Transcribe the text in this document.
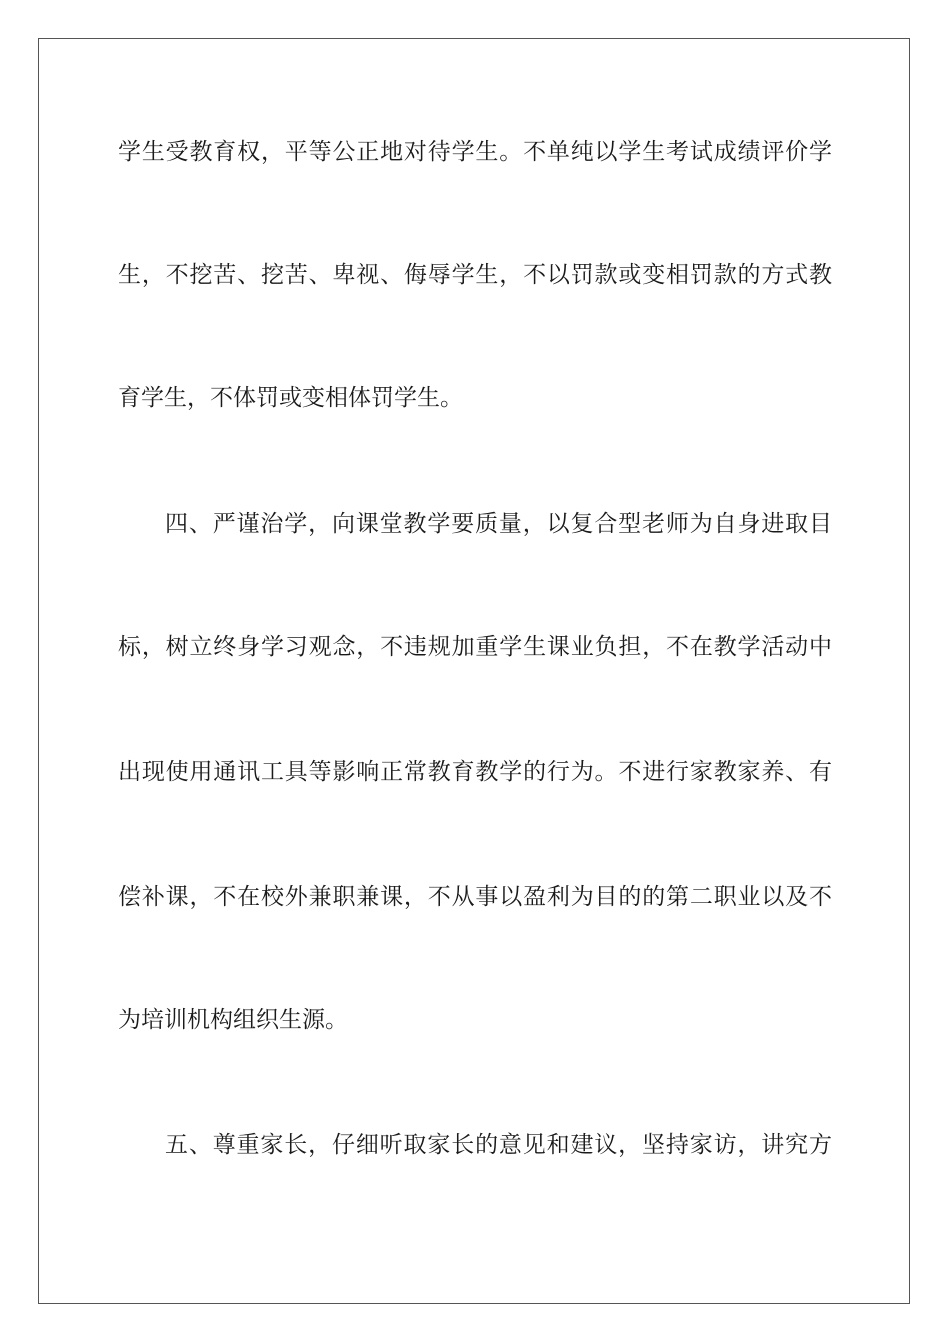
学生受教育权，平等公正地对待学生。不单纯以学生考试成绩评价学
生，不挖苦、挖苦、卑视、侮辱学生，不以罚款或变相罚款的方式教
育学生，不体罚或变相体罚学生。
四、严谨治学，向课堂教学要质量，以复合型老师为自身进取目
标，树立终身学习观念，不违规加重学生课业负担，不在教学活动中
出现使用通讯工具等影响正常教育教学的行为。不进行家教家养、有
偿补课，不在校外兼职兼课，不从事以盈利为目的的第二职业以及不
为培训机构组织生源。
五、尊重家长，仔细听取家长的意见和建议，坚持家访，讲究方
